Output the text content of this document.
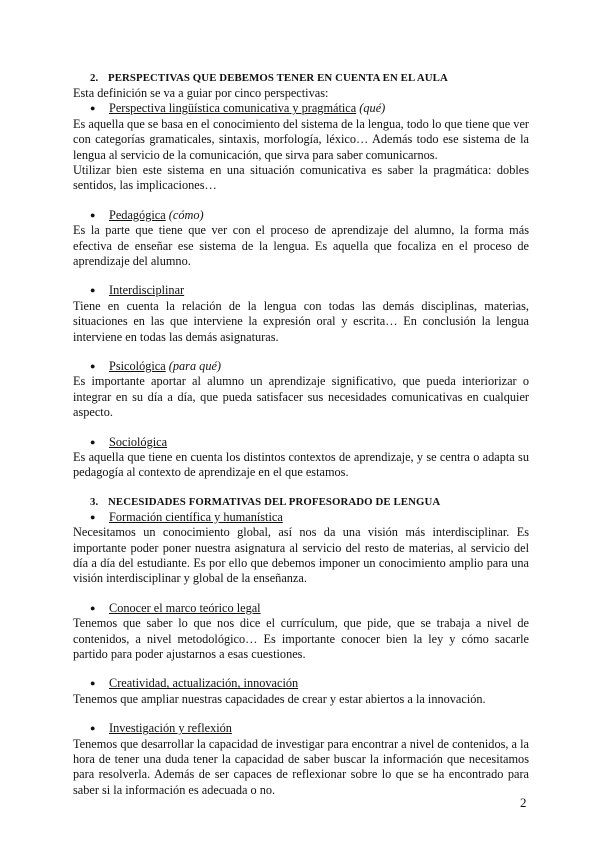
2. PERSPECTIVAS QUE DEBEMOS TENER EN CUENTA EN EL AULA
Esta definición se va a guiar por cinco perspectivas:
● Perspectiva lingüística comunicativa y pragmática (qué)
Es aquella que se basa en el conocimiento del sistema de la lengua, todo lo que tiene que ver con categorías gramaticales, sintaxis, morfología, léxico… Además todo ese sistema de la lengua al servicio de la comunicación, que sirva para saber comunicarnos.
Utilizar bien este sistema en una situación comunicativa es saber la pragmática: dobles sentidos, las implicaciones…
● Pedagógica (cómo)
Es la parte que tiene que ver con el proceso de aprendizaje del alumno, la forma más efectiva de enseñar ese sistema de la lengua. Es aquella que focaliza en el proceso de aprendizaje del alumno.
● Interdisciplinar
Tiene en cuenta la relación de la lengua con todas las demás disciplinas, materias, situaciones en las que interviene la expresión oral y escrita… En conclusión la lengua interviene en todas las demás asignaturas.
● Psicológica (para qué)
Es importante aportar al alumno un aprendizaje significativo, que pueda interiorizar o integrar en su día a día, que pueda satisfacer sus necesidades comunicativas en cualquier aspecto.
● Sociológica
Es aquella que tiene en cuenta los distintos contextos de aprendizaje, y se centra o adapta su pedagogía al contexto de aprendizaje en el que estamos.
3. NECESIDADES FORMATIVAS DEL PROFESORADO DE LENGUA
● Formación científica y humanística
Necesitamos un conocimiento global, así nos da una visión más interdisciplinar. Es importante poder poner nuestra asignatura al servicio del resto de materias, al servicio del día a día del estudiante. Es por ello que debemos imponer un conocimiento amplio para una visión interdisciplinar y global de la enseñanza.
● Conocer el marco teórico legal
Tenemos que saber lo que nos dice el currículum, que pide, que se trabaja a nivel de contenidos, a nivel metodológico… Es importante conocer bien la ley y cómo sacarle partido para poder ajustarnos a esas cuestiones.
● Creatividad, actualización, innovación
Tenemos que ampliar nuestras capacidades de crear y estar abiertos a la innovación.
● Investigación y reflexión
Tenemos que desarrollar la capacidad de investigar para encontrar a nivel de contenidos, a la hora de tener una duda tener la capacidad de saber buscar la información que necesitamos para resolverla. Además de ser capaces de reflexionar sobre lo que se ha encontrado para saber si la información es adecuada o no.
2
